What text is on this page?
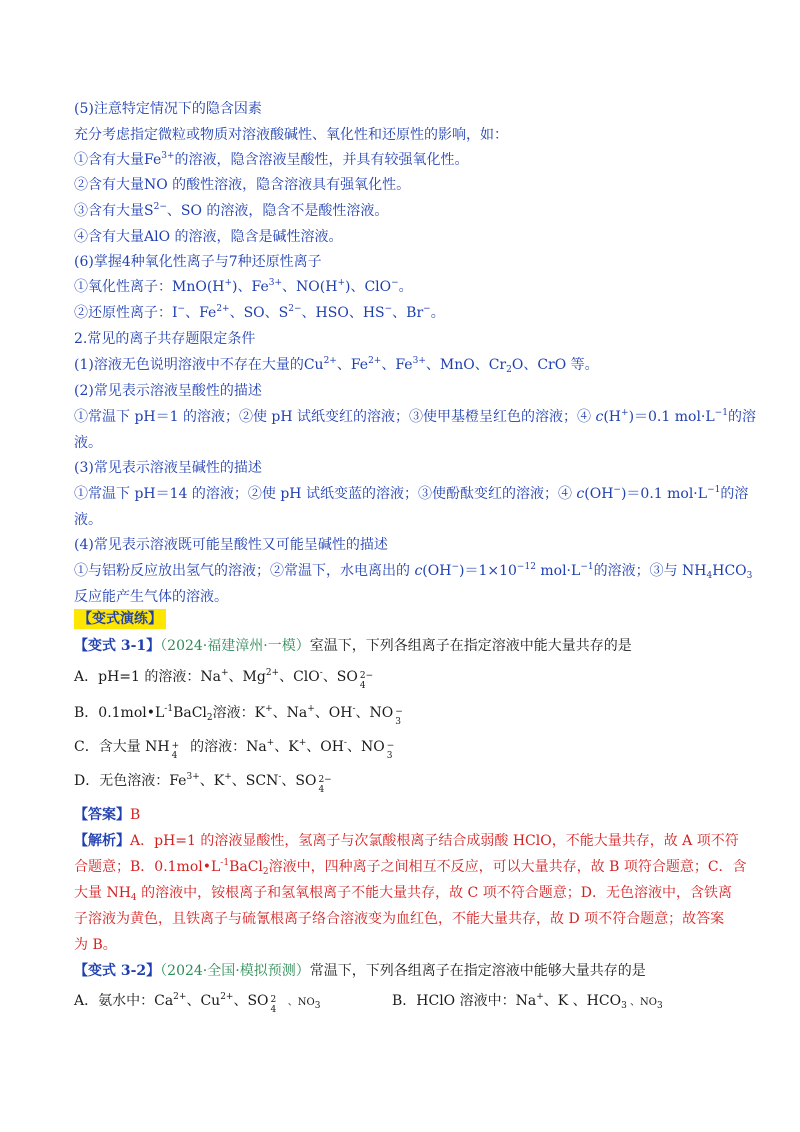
(5)注意特定情况下的隐含因素
充分考虑指定微粒或物质对溶液酸碱性、氧化性和还原性的影响，如：
①含有大量$Fe^{3+}$的溶液，隐含溶液呈酸性，并具有较强氧化性。
②含有大量NO 的酸性溶液，隐含溶液具有强氧化性。
③含有大量$S^{2-}$、SO 的溶液，隐含不是酸性溶液。
④含有大量AlO 的溶液，隐含是碱性溶液。
(6)掌握4种氧化性离子与7种还原性离子
①氧化性离子：MnO(H+)、$Fe^{3+}$、NO(H+)、ClO−。
②还原性离子：I−、$Fe^{2+}$、SO、$S^{2-}$、HSO、HS−、Br−。
2.常见的离子共存题限定条件
(1)溶液无色说明溶液中不存在大量的$Cu^{2+}$、$Fe^{2+}$、$Fe^{3+}$、MnO、$Cr_2O$、CrO 等。
(2)常见表示溶液呈酸性的描述
①常温下 pH＝1 的溶液；②使 pH 试纸变红的溶液；③使甲基橙呈红色的溶液；④ c(H+)＝0.1 $mol\cdot L^{-1}$的溶
液。
(3)常见表示溶液呈碱性的描述
①常温下 pH＝14 的溶液；②使 pH 试纸变蓝的溶液；③使酚酞变红的溶液；④ c(OH−)＝0.1 $mol\cdot L^{-1}$的溶
液。
(4)常见表示溶液既可能呈酸性又可能呈碱性的描述
①与铝粉反应放出氢气的溶液；②常温下，水电离出的 $c(OH^-)=1\times 10^{-12}$ $mol\cdot L^{-1}$的溶液；③与 $NH_4HCO_3$
反应能产生气体的溶液。
【变式演练】
【变式 3-1】（2024·福建漳州·一模）室温下，下列各组离子在指定溶液中能大量共存的是
A．pH=1 的溶液：Na+、$Mg^{2+}$、ClO-、SO 2−
4
B．$0.1mol•L^{-1}BaCl_2$溶液：K+、Na+、OH-、NO −
3
C．含大量 NH +
4
的溶液：Na+、K+、OH-、NO −
3
D．无色溶液：$Fe^{3+}$、K+、SCN-、SO 2−
4
【答案】B
【解析】A．pH=1 的溶液显酸性，氢离子与次氯酸根离子结合成弱酸 HClO，不能大量共存，故 A 项不符
合题意；B．$0.1mol•L^{-1}BaCl_2$溶液中，四种离子之间相互不反应，可以大量共存，故 B 项符合题意；C．含
大量 $NH_4$ 的溶液中，铵根离子和氢氧根离子不能大量共存，故 C 项不符合题意；D．无色溶液中，含铁离
子溶液为黄色，且铁离子与硫氰根离子络合溶液变为血红色，不能大量共存，故 D 项不符合题意；故答案
为 B。
【变式 3-2】（2024·全国·模拟预测）常温下，下列各组离子在指定溶液中能够大量共存的是
A．氨水中：$Ca^{2+}$、$Cu^{2+}$、SO 2
4
、$NO_3$	B．HClO 溶液中：Na+、K 、$HCO_3$ 、$NO_3$
